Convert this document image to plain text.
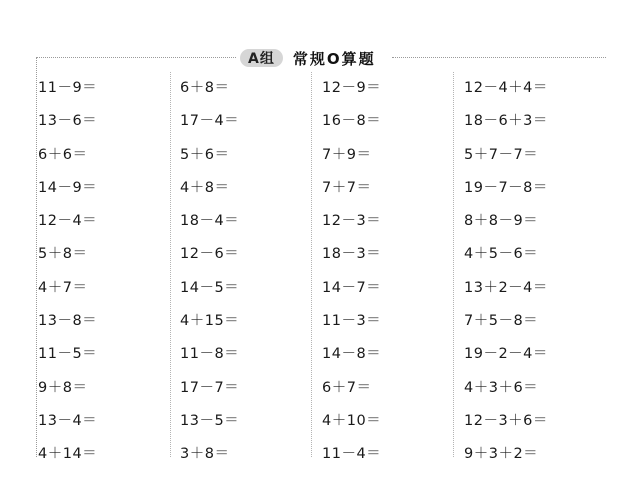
A组	常规O算题
11－9＝	6＋8＝	12－9＝	12－4＋4＝
13－6＝	17－4＝	16－8＝	18－6＋3＝
6＋6＝	5＋6＝	7＋9＝	5＋7－7＝
14－9＝	4＋8＝	7＋7＝	19－7－8＝
12－4＝	18－4＝	12－3＝	8＋8－9＝
5＋8＝	12－6＝	18－3＝	4＋5－6＝
4＋7＝	14－5＝	14－7＝	13＋2－4＝
13－8＝	4＋15＝	11－3＝	7＋5－8＝
11－5＝	11－8＝	14－8＝	19－2－4＝
9＋8＝	17－7＝	6＋7＝	4＋3＋6＝
13－4＝	13－5＝	4＋10＝	12－3＋6＝
4＋14＝	3＋8＝	11－4＝	9＋3＋2＝
